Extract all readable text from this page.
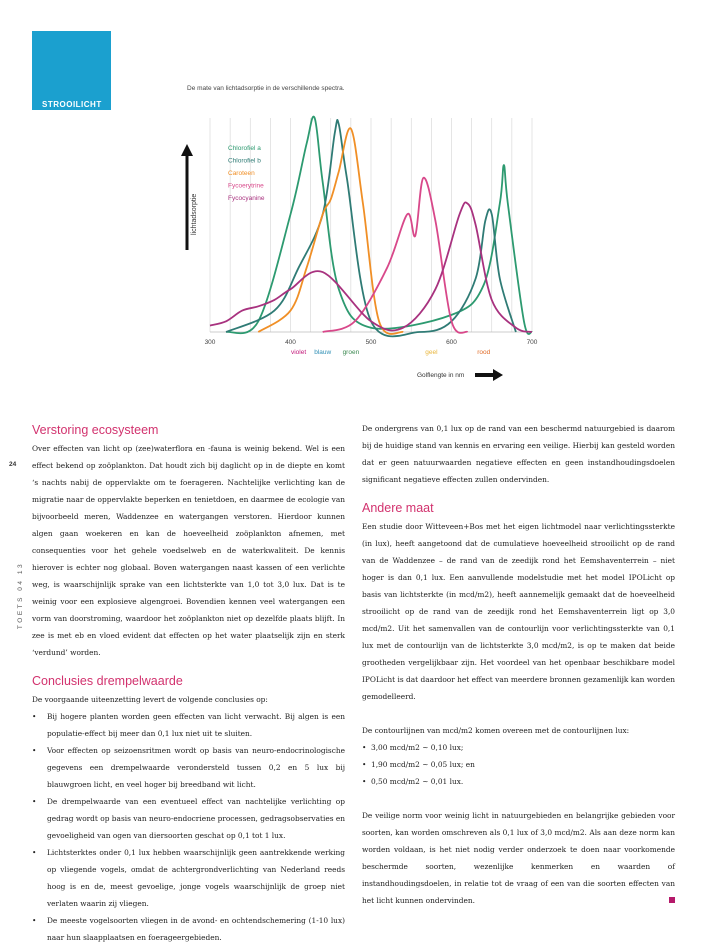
STROOILICHT
De mate van lichtadsorptie in de verschillende spectra.
300	400	500	600	700
violet blauw groen	geel	rood
Chlorofiel a
Chlorofiel b
Caroteen
Fycoerytrine
Fycocyanine
lichtadsorptie
Golflengte in nm
24
TOETS 04 13
Verstoring ecosysteem

Over effecten van licht op (zee)waterflora en -fauna is weinig bekend. Wel is een effect bekend op zoöplankton. Dat houdt zich bij daglicht op in de diepte en komt ‘s nachts nabij de oppervlakte om te foerageren. Nachtelijke verlichting kan de migratie naar de oppervlakte beperken en tenietdoen, en daarmee de ecologie van bijvoorbeeld meren, Waddenzee en watergangen verstoren. Hierdoor kunnen algen gaan woekeren en kan de hoeveelheid zoöplankton afnemen, met consequenties voor het gehele voedselweb en de waterkwaliteit. De kennis hierover is echter nog globaal. Boven watergangen naast kassen of een verlichte weg, is waarschijnlijk sprake van een lichtsterkte van 1,0 tot 3,0 lux. Dat is te weinig voor een explosieve algengroei. Bovendien kennen veel watergangen een vorm van doorstroming, waardoor het zoöplankton niet op dezelfde plaats blijft. In zee is met eb en vloed evident dat effecten op het water plaatselijk zijn en sterk ‘verdund’ worden.

Conclusies drempelwaarde

De voorgaande uiteenzetting levert de volgende conclusies op:

• Bij hogere planten worden geen effecten van licht verwacht. Bij algen is een populatie-effect bij meer dan 0,1 lux niet uit te sluiten.
• Voor effecten op seizoensritmen wordt op basis van neuro-endocrinologische gegevens een drempelwaarde verondersteld tussen 0,2 en 5 lux bij blauwgroen licht, en veel hoger bij breedband wit licht.
• De drempelwaarde van een eventueel effect van nachtelijke verlichting op gedrag wordt op basis van neuro-endocriene processen, gedragsobservaties en gevoeligheid van ogen van diersoorten geschat op 0,1 tot 1 lux.
• Lichtsterktes onder 0,1 lux hebben waarschijnlijk geen aantrekkende werking op vliegende vogels, omdat de achtergrondverlichting van Nederland reeds hoog is en de, meest gevoelige, jonge vogels waarschijnlijk de groep niet verlaten waarin zij vliegen.
• De meeste vogelsoorten vliegen in de avond- en ochtendschemering (1-10 lux) naar hun slaapplaatsen en foerageergebieden.

De ondergrens van 0,1 lux op de rand van een beschermd natuurgebied is daarom bij de huidige stand van kennis en ervaring een veilige. Hierbij kan gesteld worden dat er geen natuurwaarden negatieve effecten en geen instandhoudingsdoelen significant negatieve effecten zullen ondervinden.

Andere maat

Een studie door Witteveen+Bos met het eigen lichtmodel naar verlichtingssterkte (in lux), heeft aangetoond dat de cumulatieve hoeveelheid strooilicht op de rand van de Waddenzee – de rand van de zeedijk rond het Eemshaventerrein – niet hoger is dan 0,1 lux. Een aanvullende modelstudie met het model IPOLicht op basis van lichtsterkte (in mcd/m2), heeft aannemelijk gemaakt dat de hoeveelheid strooilicht op de rand van de zeedijk rond het Eemshaventerrein ligt op 3,0 mcd/m2. Uit het samenvallen van de contourlijn voor verlichtingssterkte van 0,1 lux met de contourlijn van de lichtsterkte 3,0 mcd/m2, is op te maken dat beide grootheden vergelijkbaar zijn. Het voordeel van het openbaar beschikbare model IPOLicht is dat daardoor het effect van meerdere bronnen gezamenlijk kan worden gemodelleerd.

De contourlijnen van mcd/m2 komen overeen met de contourlijnen lux:

• 3,00 mcd/m2 ~ 0,10 lux;
• 1,90 mcd/m2 ~ 0,05 lux; en
• 0,50 mcd/m2 ~ 0,01 lux.

De veilige norm voor weinig licht in natuurgebieden en belangrijke gebieden voor soorten, kan worden omschreven als 0,1 lux of 3,0 mcd/m2. Als aan deze norm kan worden voldaan, is het niet nodig verder onderzoek te doen naar voorkomende beschermde soorten, wezenlijke kenmerken en waarden of instandhoudingsdoelen, in relatie tot de vraag of een van die soorten effecten van het licht kunnen ondervinden.
